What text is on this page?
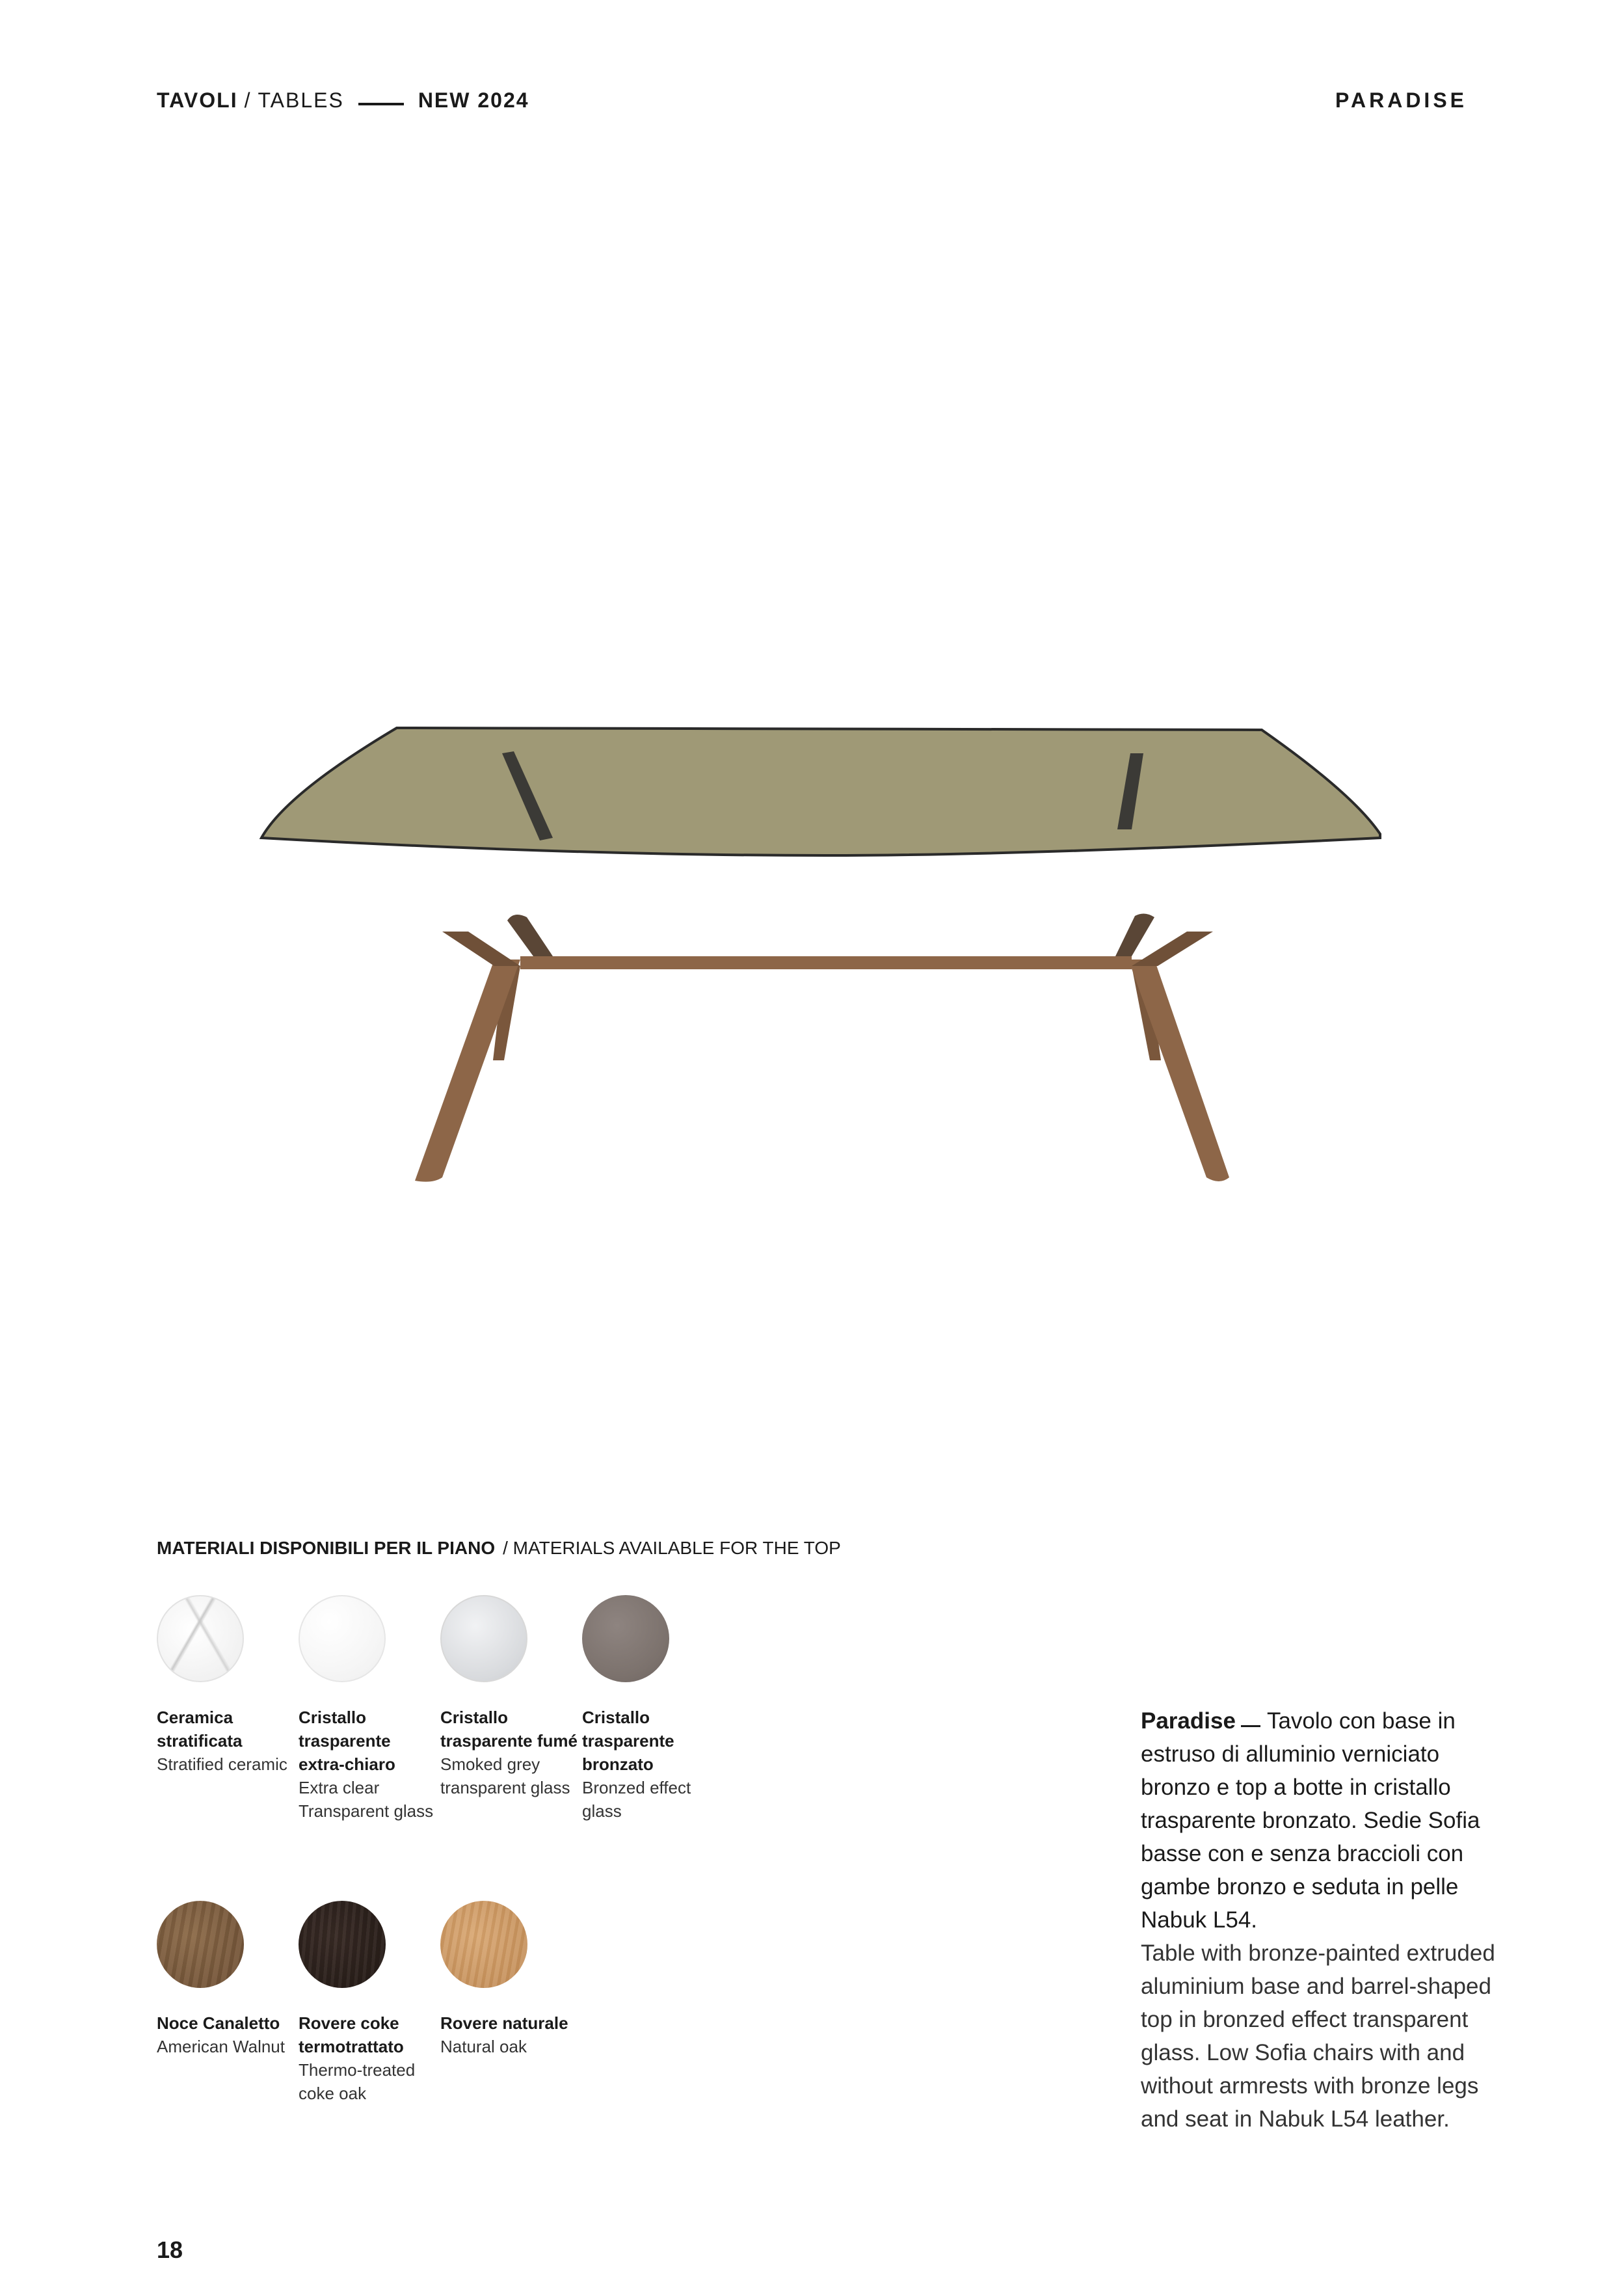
TAVOLI / TABLES	NEW 2024	PARADISE
MATERIALI DISPONIBILI PER IL PIANO / MATERIALS AVAILABLE FOR THE TOP
Ceramica stratificata
Stratified ceramic
Cristallo trasparente extra-chiaro
Extra clear Transparent glass
Cristallo trasparente fumé
Smoked grey transparent glass
Cristallo trasparente bronzato
Bronzed effect glass
Noce Canaletto
American Walnut
Rovere coke termotrattato
Thermo-treated coke oak
Rovere naturale
Natural oak
Paradise Tavolo con base in estruso di alluminio verniciato bronzo e top a botte in cristallo trasparente bronzato. Sedie Sofia basse con e senza braccioli con gambe bronzo e seduta in pelle Nabuk L54.
Table with bronze-painted extruded aluminium base and barrel-shaped top in bronzed effect transparent glass. Low Sofia chairs with and without armrests with bronze legs and seat in Nabuk L54 leather.
18
